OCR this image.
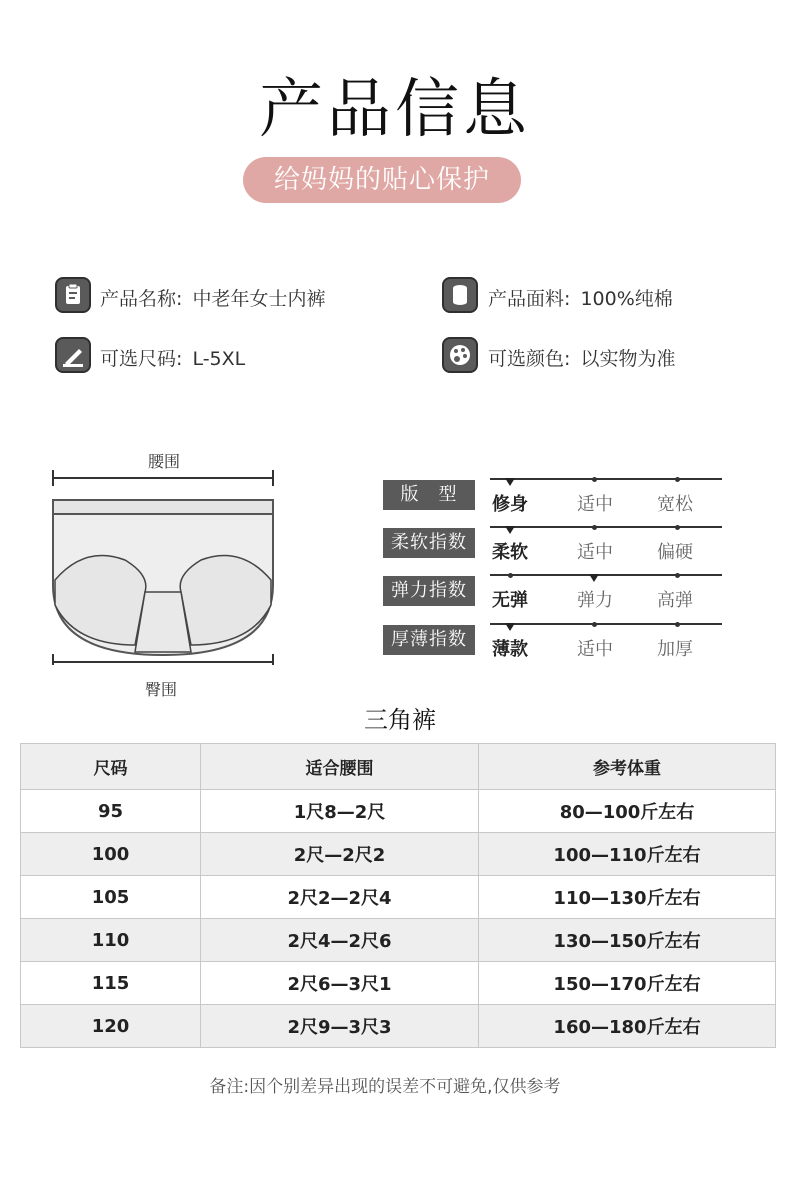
产品信息
给妈妈的贴心保护
产品名称: 中老年女士内裤	产品面料: 100%纯棉
可选尺码: L-5XL	可选颜色: 以实物为准
腰围
臀围
版　型	修身	适中 宽松
柔软指数	柔软	适中 偏硬
弹力指数	无弹	弹力 高弹
厚薄指数	薄款	适中 加厚
三角裤
尺码	适合腰围	参考体重
95	1尺8—2尺	80—100斤左右
100	2尺—2尺2	100—110斤左右
105	2尺2—2尺4	110—130斤左右
110	2尺4—2尺6	130—150斤左右
115	2尺6—3尺1	150—170斤左右
120	2尺9—3尺3	160—180斤左右
备注:因个别差异出现的误差不可避免,仅供参考
